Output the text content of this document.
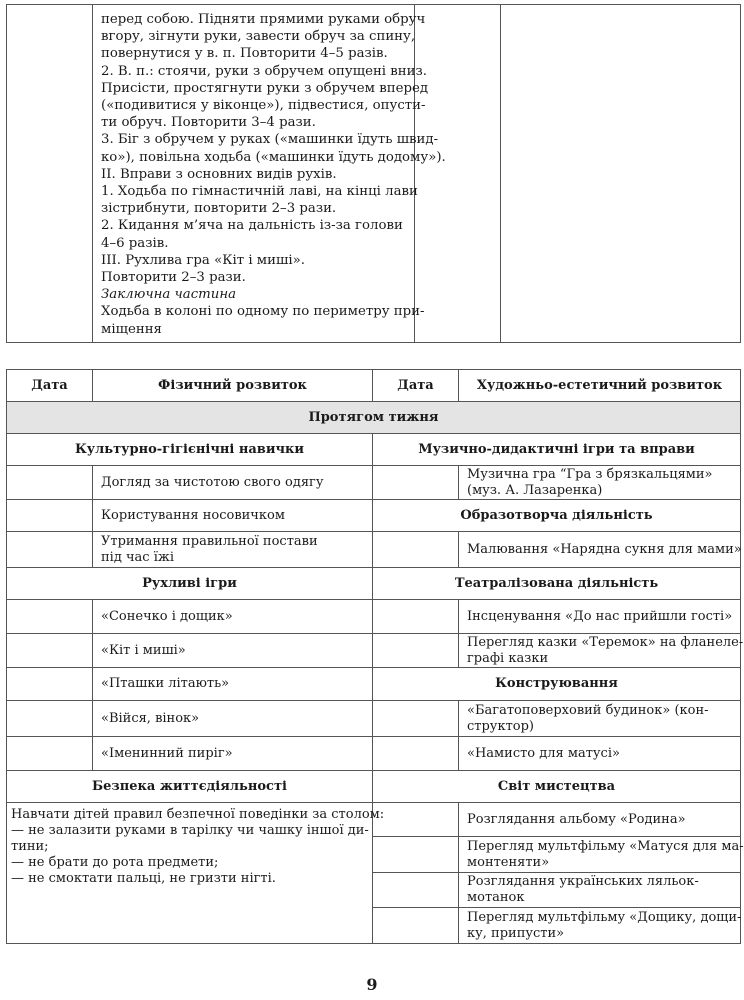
перед собою. Підняти прямими руками обруч
вгору, зігнути руки, завести обруч за спину,
повернутися у в. п. Повторити 4–5 разів.
2. В. п.: стоячи, руки з обручем опущені вниз.
Присісти, простягнути руки з обручем вперед
(«подивитися у віконце»), підвестися, опусти-
ти обруч. Повторити 3–4 рази.
3. Біг з обручем у руках («машинки їдуть швид-
ко»), повільна ходьба («машинки їдуть додому»).
ІІ. Вправи з основних видів рухів.
1. Ходьба по гімнастичній лаві, на кінці лави
зістрибнути, повторити 2–3 рази.
2. Кидання м’яча на дальність із-за голови
4–6 разів.
ІІІ. Рухлива гра «Кіт і миші».
Повторити 2–3 рази.
Заключна частина
Ходьба в колоні по одному по периметру при-
міщення

Дата	Фізичний розвиток	Дата	Художньо-естетичний розвиток
Протягом тижня			
Культурно-гігієнічні навички		Музично-дидактичні ігри та вправи	

	Догляд за чистотою свого одягу		Музична гра “Гра з брязкальцями»
(муз. А. Лазаренка)

	Користування носовичком	Образотворча діяльність	

	Утримання правильної постави
під час їжі		Малювання «Нарядна сукня для мами»

Рухливі ігри		Театралізована діяльність	
	«Сонечко і дощик»		Інсценування «До нас прийшли гості»

	«Кіт і миші»		Перегляд казки «Теремок» на фланеле-
графі казки

	«Пташки літають»	Конструювання	
	«Війся, вінок»		«Багатоповерховий будинок» (кон-
структор)

	«Іменинний пиріг»		«Намисто для матусі»

Безпека життєдіяльності		Світ мистецтва	

Навчати дітей правил безпечної поведінки за столом:
— не залазити руками в тарілку чи чашку іншої ди-
тини;
— не брати до рота предмети;
— не смоктати пальці, не гризти нігті.			Розглядання альбому «Родина»

			Перегляд мультфільму «Матуся для ма-
монтеняти»

			Розглядання українських ляльок-
мотанок

			Перегляд мультфільму «Дощику, дощи-
ку, припусти»
9
